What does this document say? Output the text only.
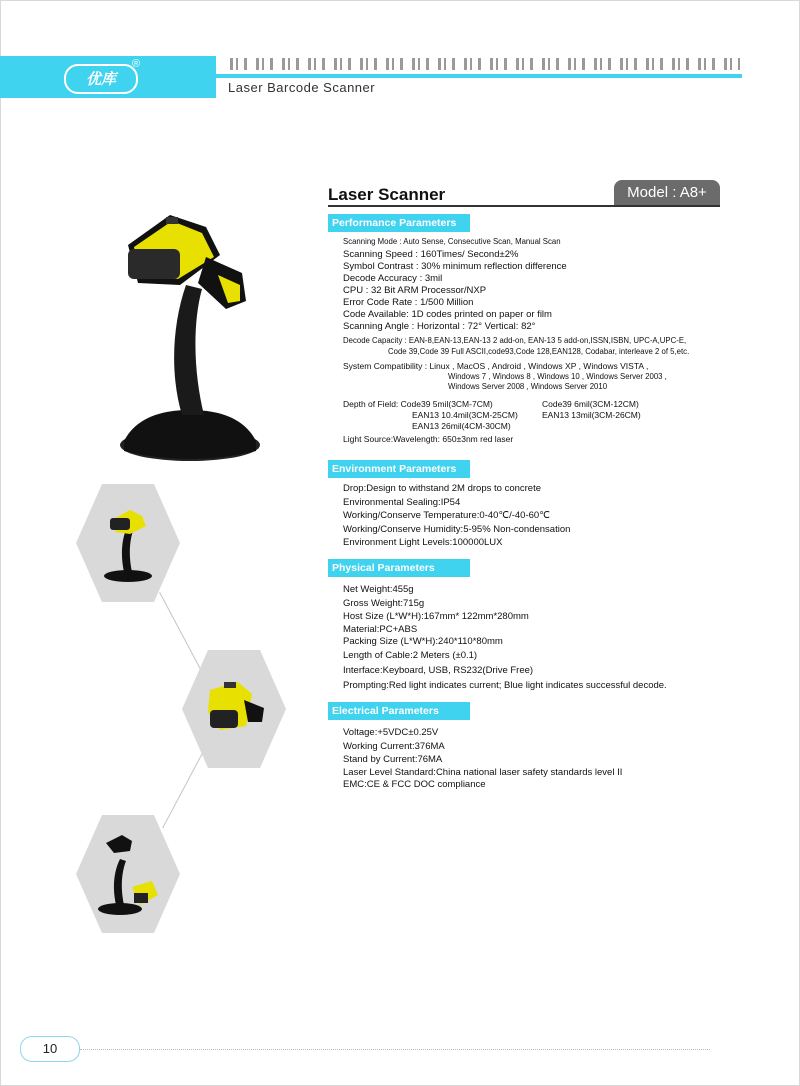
优库
®
Laser Barcode Scanner
Laser Scanner	Model : A8+
Performance Parameters
Scanning Mode : Auto Sense, Consecutive Scan, Manual Scan
Scanning Speed : 160Times/ Second±2%
Symbol Contrast : 30% minimum reflection difference
Decode Accuracy : 3mil
CPU : 32 Bit ARM Processor/NXP
Error Code Rate : 1/500 Million
Code Available: 1D codes printed on paper or film
Scanning Angle : Horizontal : 72° Vertical: 82°
Decode Capacity : EAN-8,EAN-13,EAN-13 2 add-on, EAN-13 5 add-on,ISSN,ISBN, UPC-A,UPC-E,
Code 39,Code 39 Full ASCII,code93,Code 128,EAN128, Codabar, interleave 2 of 5,etc.
System Compatibility : Linux , MacOS , Android , Windows XP , Windows VISTA ,
Windows 7 , Windows 8 , Windows 10 , Windows Server 2003 ,
Windows Server 2008 , Windows Server 2010
Depth of Field: Code39 5mil(3CM-7CM)	Code39 6mil(3CM-12CM)
EAN13 10.4mil(3CM-25CM)	EAN13 13mil(3CM-26CM)
EAN13 26mil(4CM-30CM)
Light Source:Wavelength: 650±3nm red laser
Environment Parameters
Drop:Design to withstand 2M drops to concrete
Environmental Sealing:IP54
Working/Conserve Temperature:0-40℃/-40-60℃
Working/Conserve Humidity:5-95% Non-condensation
Environment Light Levels:100000LUX
Physical Parameters
Net Weight:455g
Gross Weight:715g
Host Size (L*W*H):167mm* 122mm*280mm
Material:PC+ABS
Packing Size (L*W*H):240*110*80mm
Length of Cable:2 Meters (±0.1)
Interface:Keyboard, USB, RS232(Drive Free)
Prompting:Red light indicates current; Blue light indicates successful decode.
Electrical Parameters
Voltage:+5VDC±0.25V
Working Current:376MA
Stand by Current:76MA
Laser Level Standard:China national laser safety standards level II
EMC:CE & FCC DOC compliance
10
